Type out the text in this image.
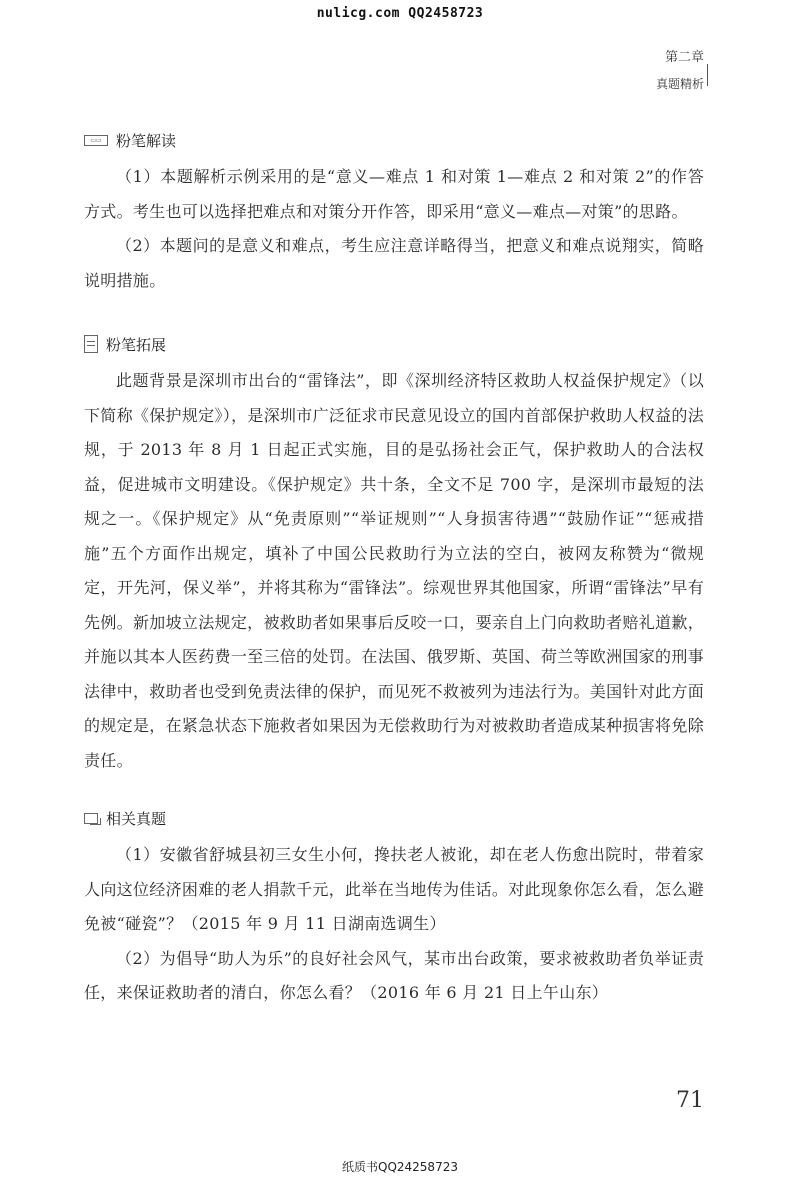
nulicg.com QQ2458723
第二章
真题精析
▭▭ 粉笔解读

（1）本题解析示例采用的是“意义—难点 1 和对策 1—难点 2 和对策 2”的作答方式。考生也可以选择把难点和对策分开作答，即采用“意义—难点—对策”的思路。

（2）本题问的是意义和难点，考生应注意详略得当，把意义和难点说翔实，简略说明措施。

粉笔拓展

此题背景是深圳市出台的“雷锋法”，即《深圳经济特区救助人权益保护规定》（以下简称《保护规定》），是深圳市广泛征求市民意见设立的国内首部保护救助人权益的法规，于 2013 年 8 月 1 日起正式实施，目的是弘扬社会正气，保护救助人的合法权益，促进城市文明建设。《保护规定》共十条，全文不足 700 字，是深圳市最短的法规之一。《保护规定》从“免责原则”“举证规则”“人身损害待遇”“鼓励作证”“惩戒措施”五个方面作出规定，填补了中国公民救助行为立法的空白，被网友称赞为“微规定，开先河，保义举”，并将其称为“雷锋法”。综观世界其他国家，所谓“雷锋法”早有先例。新加坡立法规定，被救助者如果事后反咬一口，要亲自上门向救助者赔礼道歉，并施以其本人医药费一至三倍的处罚。在法国、俄罗斯、英国、荷兰等欧洲国家的刑事法律中，救助者也受到免责法律的保护，而见死不救被列为违法行为。美国针对此方面的规定是，在紧急状态下施救者如果因为无偿救助行为对被救助者造成某种损害将免除责任。

相关真题

（1）安徽省舒城县初三女生小何，搀扶老人被讹，却在老人伤愈出院时，带着家人向这位经济困难的老人捐款千元，此举在当地传为佳话。对此现象你怎么看，怎么避免被“碰瓷”？（2015 年 9 月 11 日湖南选调生）

（2）为倡导“助人为乐”的良好社会风气，某市出台政策，要求被救助者负举证责任，来保证救助者的清白，你怎么看？（2016 年 6 月 21 日上午山东）

71
纸质书QQ24258723
